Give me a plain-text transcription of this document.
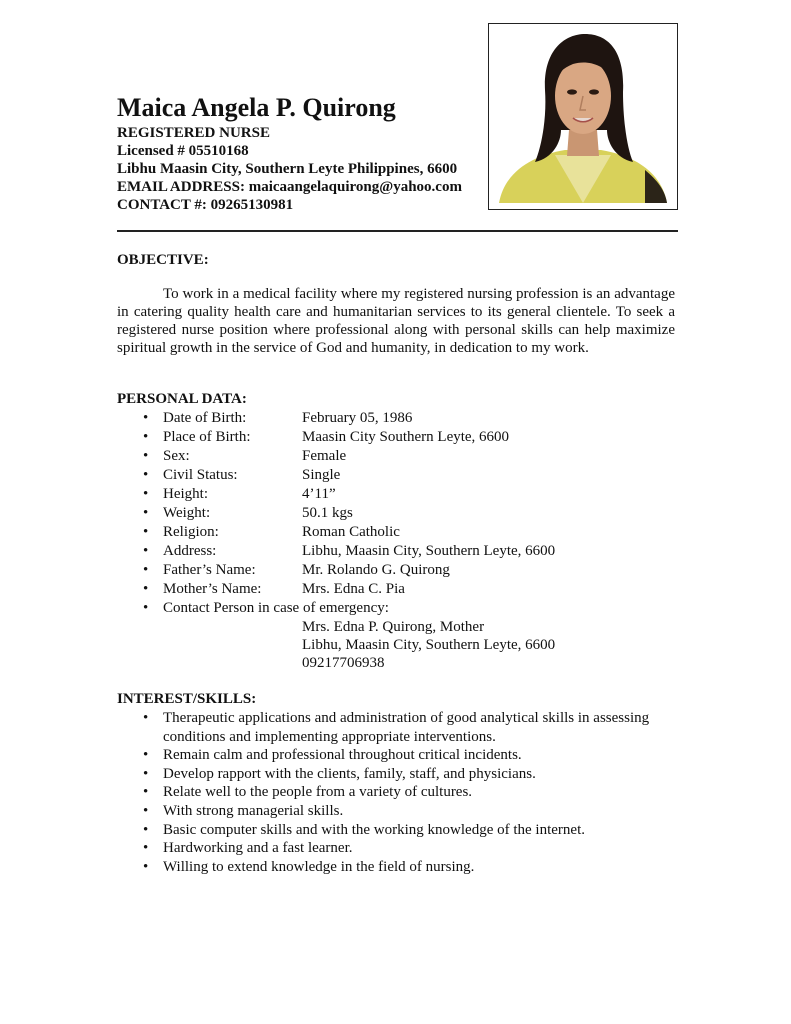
Maica Angela P. Quirong
REGISTERED NURSE
Licensed # 05510168
Libhu Maasin City, Southern Leyte Philippines, 6600
EMAIL ADDRESS: maicaangelaquirong@yahoo.com
CONTACT #: 09265130981
OBJECTIVE:

To work in a medical facility where my registered nursing profession is an advantage in catering quality health care and humanitarian services to its general clientele. To seek a registered nurse position where professional along with personal skills can help maximize spiritual growth in the service of God and humanity, in dedication to my work.

PERSONAL DATA:
• Date of Birth:	February 05, 1986
• Place of Birth:	Maasin City Southern Leyte, 6600
• Sex:	Female
• Civil Status:	Single
• Height:	4’11”
• Weight:	50.1 kgs
• Religion:	Roman Catholic
• Address:	Libhu, Maasin City, Southern Leyte, 6600
• Father’s Name:	Mr. Rolando G. Quirong
• Mother’s Name:	Mrs. Edna C. Pia
• Contact Person in case of emergency:
Mrs. Edna P. Quirong, Mother
Libhu, Maasin City, Southern Leyte, 6600
09217706938
INTEREST/SKILLS:
• Therapeutic applications and administration of good analytical skills in assessing conditions and implementing appropriate interventions.
• Remain calm and professional throughout critical incidents.
• Develop rapport with the clients, family, staff, and physicians.
• Relate well to the people from a variety of cultures.
• With strong managerial skills.
• Basic computer skills and with the working knowledge of the internet.
• Hardworking and a fast learner.
• Willing to extend knowledge in the field of nursing.
